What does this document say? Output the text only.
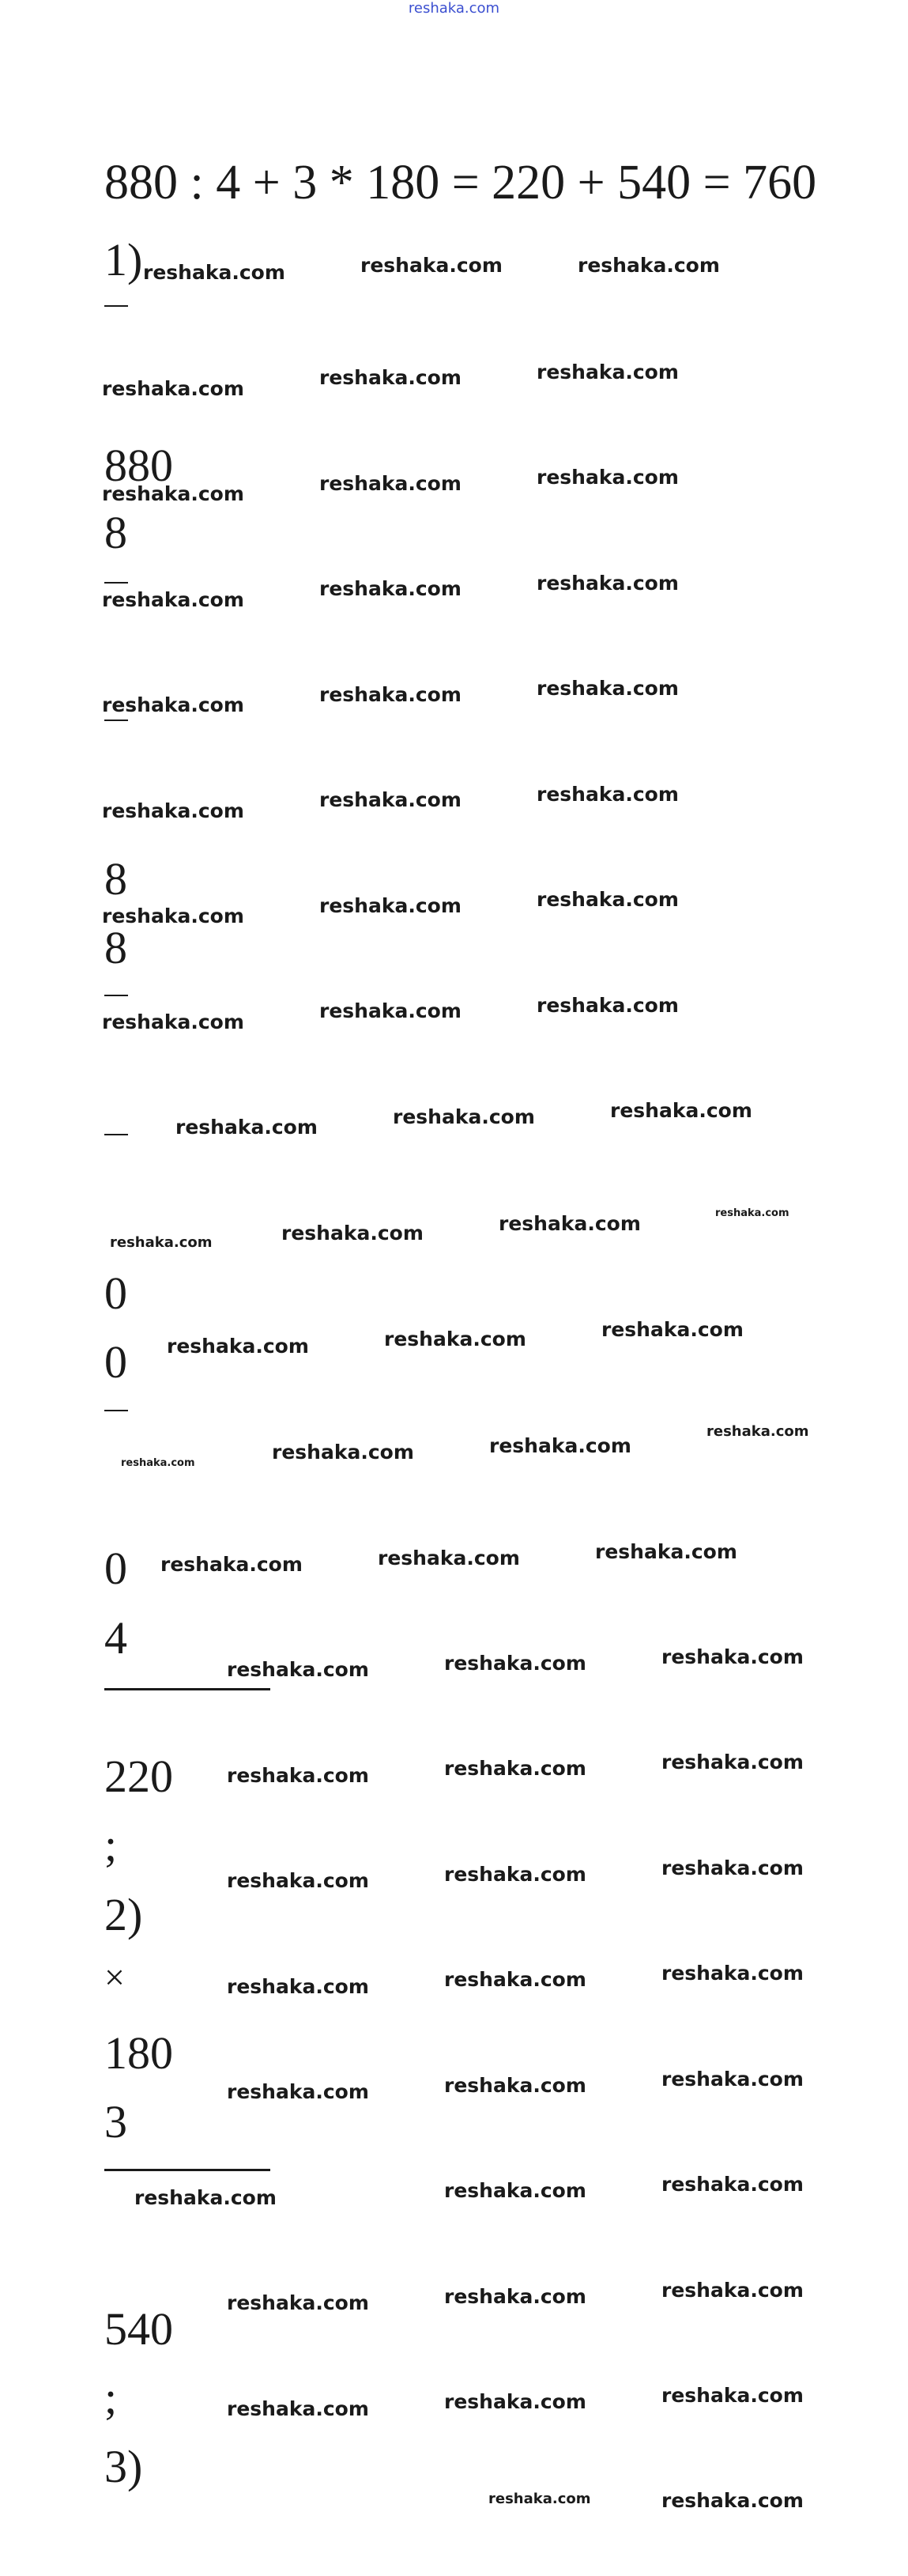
reshaka.com
880 : 4 + 3 * 180 = 220 + 540 = 760
1)
880
8
8
8
0
0
0
4
220
;
2)
×
180
3
540
;
3)
reshaka.com	reshaka.com	reshaka.com
reshaka.com	reshaka.com	reshaka.com
reshaka.com	reshaka.com	reshaka.com
reshaka.com	reshaka.com	reshaka.com
reshaka.com	reshaka.com	reshaka.com
reshaka.com	reshaka.com	reshaka.com
reshaka.com	reshaka.com	reshaka.com
reshaka.com	reshaka.com	reshaka.com
reshaka.com	reshaka.com	reshaka.com
reshaka.com	reshaka.com	reshaka.com	reshaka.com
reshaka.com	reshaka.com	reshaka.com
reshaka.com	reshaka.com	reshaka.com
reshaka.com
reshaka.com	reshaka.com	reshaka.com
reshaka.com	reshaka.com	reshaka.com
reshaka.com	reshaka.com	reshaka.com
reshaka.com	reshaka.com	reshaka.com
reshaka.com	reshaka.com	reshaka.com
reshaka.com	reshaka.com	reshaka.com
reshaka.com	reshaka.com	reshaka.com
reshaka.com	reshaka.com	reshaka.com
reshaka.com	reshaka.com	reshaka.com
reshaka.com	reshaka.com
